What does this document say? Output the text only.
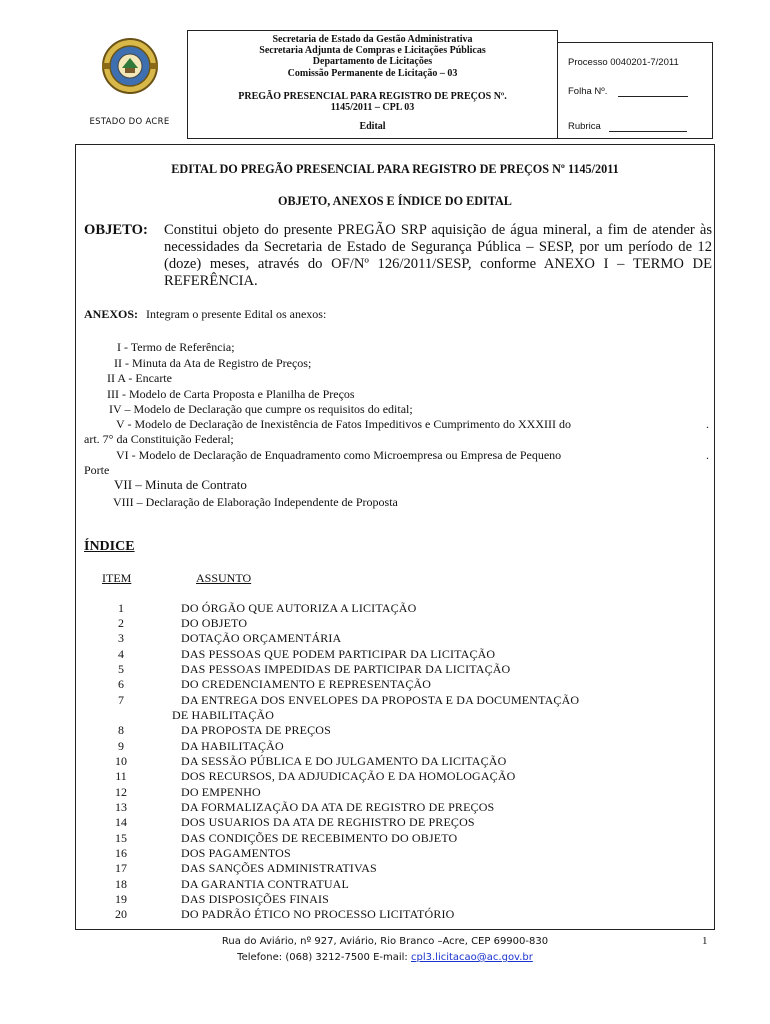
ESTADO DO ACRE
Secretaria de Estado da Gestão Administrativa
Secretaria Adjunta de Compras e Licitações Públicas
Departamento de Licitações
Comissão Permanente de Licitação – 03
PREGÃO PRESENCIAL PARA REGISTRO DE PREÇOS Nº.
1145/2011 – CPL 03
Edital
Processo 0040201-7/2011
Folha Nº.
Rubrica
EDITAL DO PREGÃO PRESENCIAL PARA REGISTRO DE PREÇOS Nº 1145/2011
OBJETO, ANEXOS E ÍNDICE DO EDITAL
OBJETO: Constitui objeto do presente PREGÃO SRP aquisição de água mineral, a fim de atender às necessidades da Secretaria de Estado de Segurança Pública – SESP, por um período de 12 (doze) meses, através do OF/Nº 126/2011/SESP, conforme ANEXO I – TERMO DE REFERÊNCIA.
ANEXOS: Integram o presente Edital os anexos:
I - Termo de Referência;
II - Minuta da Ata de Registro de Preços;
II A - Encarte
III - Modelo de Carta Proposta e Planilha de Preços
IV – Modelo de Declaração que cumpre os requisitos do edital;
V - Modelo de Declaração de Inexistência de Fatos Impeditivos e Cumprimento do XXXIII do	.
art. 7° da Constituição Federal;
VI - Modelo de Declaração de Enquadramento como Microempresa ou Empresa de Pequeno	.
Porte
VII – Minuta de Contrato
VIII – Declaração de Elaboração Independente de Proposta
ÍNDICE
ITEM	ASSUNTO
1	DO ÓRGÃO QUE AUTORIZA A LICITAÇÃO
2	DO OBJETO
3	DOTAÇÃO ORÇAMENTÁRIA
4	DAS PESSOAS QUE PODEM PARTICIPAR DA LICITAÇÃO
5	DAS PESSOAS IMPEDIDAS DE PARTICIPAR DA LICITAÇÃO
6	DO CREDENCIAMENTO E REPRESENTAÇÃO
7	DA ENTREGA DOS ENVELOPES DA PROPOSTA E DA DOCUMENTAÇÃO
DE HABILITAÇÃO
8	DA PROPOSTA DE PREÇOS
9	DA HABILITAÇÃO
10	DA SESSÃO PÚBLICA E DO JULGAMENTO DA LICITAÇÃO
11	DOS RECURSOS, DA ADJUDICAÇÃO E DA HOMOLOGAÇÃO
12	DO EMPENHO
13	DA FORMALIZAÇÃO DA ATA DE REGISTRO DE PREÇOS
14	DOS USUARIOS DA ATA DE REGHISTRO DE PREÇOS
15	DAS CONDIÇÕES DE RECEBIMENTO DO OBJETO
16	DOS PAGAMENTOS
17	DAS SANÇÕES ADMINISTRATIVAS
18	DA GARANTIA CONTRATUAL
19	DAS DISPOSIÇÕES FINAIS
20	DO PADRÃO ÉTICO NO PROCESSO LICITATÓRIO
Rua do Aviário, nº 927, Aviário, Rio Branco –Acre, CEP 69900-830
Telefone: (068) 3212-7500 E-mail: cpl3.licitacao@ac.gov.br
1
